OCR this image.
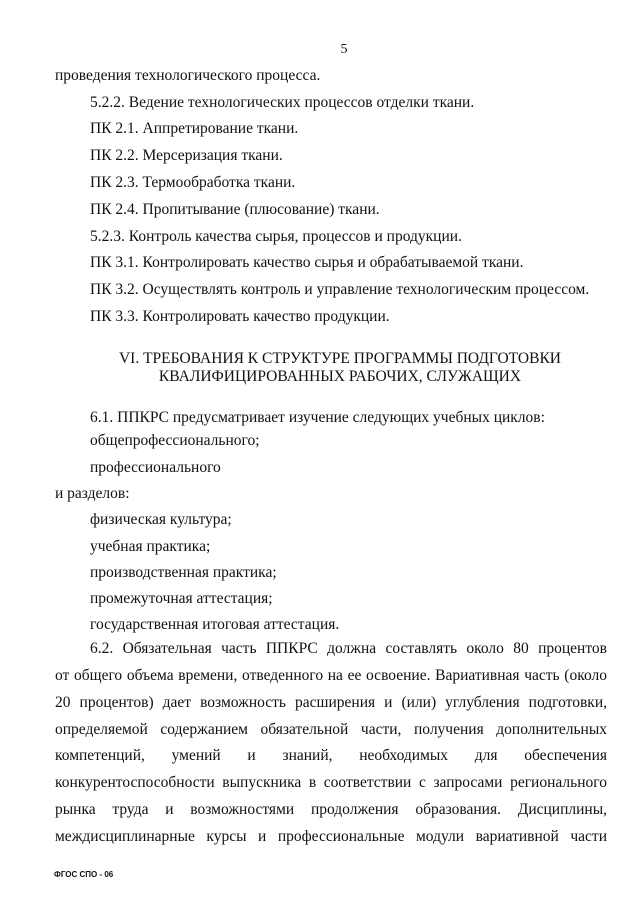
5
проведения технологического процесса.
5.2.2. Ведение технологических процессов отделки ткани.
ПК 2.1. Аппретирование ткани.
ПК 2.2. Мерсеризация ткани.
ПК 2.3. Термообработка ткани.
ПК 2.4. Пропитывание (плюсование) ткани.
5.2.3. Контроль качества сырья, процессов и продукции.
ПК 3.1. Контролировать качество сырья и обрабатываемой ткани.
ПК 3.2. Осуществлять контроль и управление технологическим процессом.
ПК 3.3. Контролировать качество продукции.
VI. ТРЕБОВАНИЯ К СТРУКТУРЕ ПРОГРАММЫ ПОДГОТОВКИ
КВАЛИФИЦИРОВАННЫХ РАБОЧИХ, СЛУЖАЩИХ
6.1. ППКРС предусматривает изучение следующих учебных циклов:
общепрофессионального;
профессионального
и разделов:
физическая культура;
учебная практика;
производственная практика;
промежуточная аттестация;
государственная итоговая аттестация.
6.2. Обязательная часть ППКРС должна составлять около 80 процентов
от общего объема времени, отведенного на ее освоение. Вариативная часть (около
20 процентов) дает возможность расширения и (или) углубления подготовки,
определяемой содержанием обязательной части, получения дополнительных
компетенций, умений и знаний, необходимых для обеспечения
конкурентоспособности выпускника в соответствии с запросами регионального
рынка труда и возможностями продолжения образования. Дисциплины,
междисциплинарные курсы и профессиональные модули вариативной части
ФГОС СПО - 06
